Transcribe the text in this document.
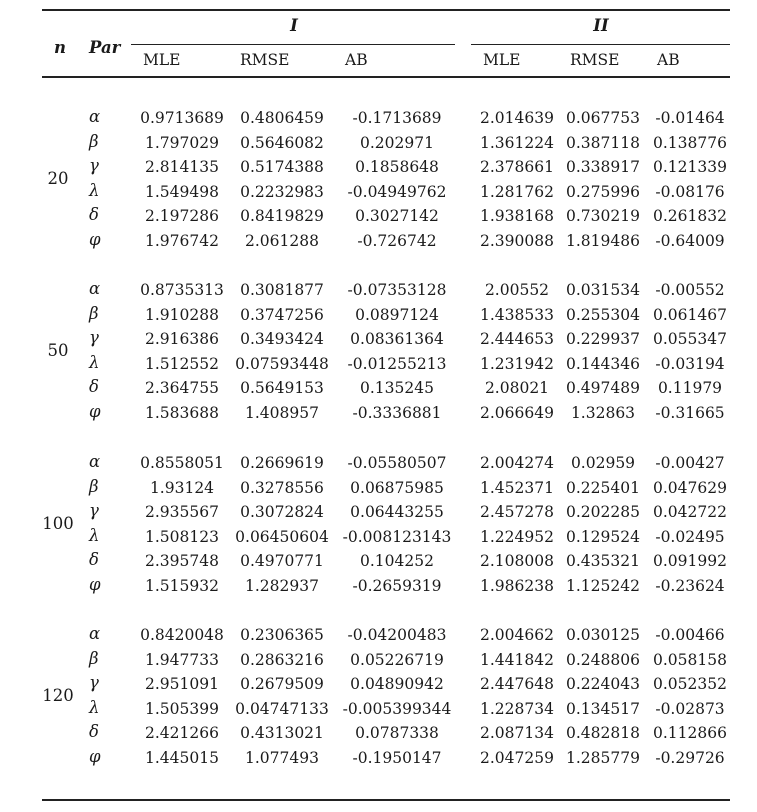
n Par
I	II
MLE	RMSE	AB	MLE	RMSE AB
20
α	0.9713689 0.4806459 -0.1713689 2.014639 0.067753 -0.01464
β	1.797029 0.5646082 0.202971	1.361224 0.387118 0.138776
γ	2.814135 0.5174388 0.1858648	2.378661 0.338917 0.121339
λ	1.549498 0.2232983 -0.04949762 1.281762 0.275996 -0.08176
δ	2.197286 0.8419829 0.3027142	1.938168 0.730219 0.261832
φ	1.976742 2.061288 -0.726742	2.390088 1.819486 -0.64009
50
α	0.8735313 0.3081877 -0.07353128 2.00552 0.031534 -0.00552
β	1.910288 0.3747256 0.0897124	1.438533 0.255304 0.061467
γ	2.916386 0.3493424 0.08361364 2.444653 0.229937 0.055347
λ	1.512552 0.07593448 -0.01255213 1.231942 0.144346 -0.03194
δ	2.364755 0.5649153 0.135245	2.08021 0.497489 0.11979
φ	1.583688 1.408957 -0.3336881 2.066649 1.32863 -0.31665
100
α	0.8558051 0.2669619 -0.05580507 2.004274 0.02959 -0.00427
β	1.93124 0.3278556 0.06875985 1.452371 0.225401 0.047629
γ	2.935567 0.3072824 0.06443255 2.457278 0.202285 0.042722
λ	1.508123 0.06450604 -0.008123143 1.224952 0.129524 -0.02495
δ	2.395748 0.4970771 0.104252	2.108008 0.435321 0.091992
φ	1.515932 1.282937 -0.2659319 1.986238 1.125242 -0.23624
120
α	0.8420048 0.2306365 -0.04200483 2.004662 0.030125 -0.00466
β	1.947733 0.2863216 0.05226719 1.441842 0.248806 0.058158
γ	2.951091 0.2679509 0.04890942 2.447648 0.224043 0.052352
λ	1.505399 0.04747133 -0.005399344 1.228734 0.134517 -0.02873
δ	2.421266 0.4313021 0.0787338	2.087134 0.482818 0.112866
φ	1.445015 1.077493 -0.1950147 2.047259 1.285779 -0.29726
